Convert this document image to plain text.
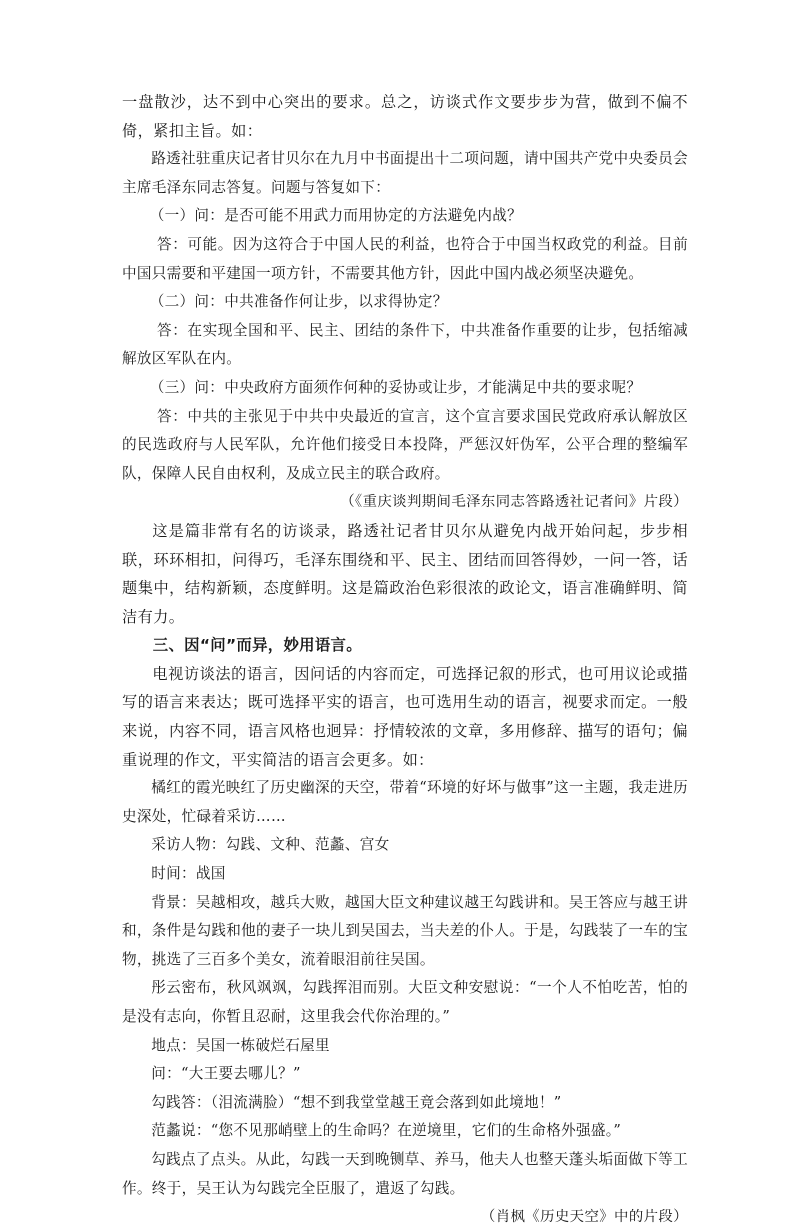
一盘散沙，达不到中心突出的要求。总之，访谈式作文要步步为营，做到不偏不倚，紧扣主旨。如：

路透社驻重庆记者甘贝尔在九月中书面提出十二项问题，请中国共产党中央委员会主席毛泽东同志答复。问题与答复如下：

（一）问：是否可能不用武力而用协定的方法避免内战？

答：可能。因为这符合于中国人民的利益，也符合于中国当权政党的利益。目前中国只需要和平建国一项方针，不需要其他方针，因此中国内战必须坚决避免。

（二）问：中共准备作何让步，以求得协定？

答：在实现全国和平、民主、团结的条件下，中共准备作重要的让步，包括缩减解放区军队在内。

（三）问：中央政府方面须作何种的妥协或让步，才能满足中共的要求呢？

答：中共的主张见于中共中央最近的宣言，这个宣言要求国民党政府承认解放区的民选政府与人民军队，允许他们接受日本投降，严惩汉奸伪军，公平合理的整编军队，保障人民自由权利，及成立民主的联合政府。

（《重庆谈判期间毛泽东同志答路透社记者问》片段）

这是篇非常有名的访谈录，路透社记者甘贝尔从避免内战开始问起，步步相联，环环相扣，问得巧，毛泽东围绕和平、民主、团结而回答得妙，一问一答，话题集中，结构新颖，态度鲜明。这是篇政治色彩很浓的政论文，语言准确鲜明、简洁有力。

三、因“问”而异，妙用语言。

电视访谈法的语言，因问话的内容而定，可选择记叙的形式，也可用议论或描写的语言来表达；既可选择平实的语言，也可选用生动的语言，视要求而定。一般来说，内容不同，语言风格也迥异：抒情较浓的文章，多用修辞、描写的语句；偏重说理的作文，平实简洁的语言会更多。如：

橘红的霞光映红了历史幽深的天空，带着“环境的好坏与做事”这一主题，我走进历史深处，忙碌着采访……

采访人物：勾践、文种、范蠡、宫女

时间：战国

背景：吴越相攻，越兵大败，越国大臣文种建议越王勾践讲和。吴王答应与越王讲和，条件是勾践和他的妻子一块儿到吴国去，当夫差的仆人。于是，勾践装了一车的宝物，挑选了三百多个美女，流着眼泪前往吴国。

彤云密布，秋风飒飒，勾践挥泪而别。大臣文种安慰说：“一个人不怕吃苦，怕的是没有志向，你暂且忍耐，这里我会代你治理的。”

地点：吴国一栋破烂石屋里

问：“大王要去哪儿？”

勾践答：（泪流满脸）“想不到我堂堂越王竟会落到如此境地！”

范蠡说：“您不见那峭壁上的生命吗？在逆境里，它们的生命格外强盛。”

勾践点了点头。从此，勾践一天到晚铡草、养马，他夫人也整天蓬头垢面做下等工作。终于，吴王认为勾践完全臣服了，遣返了勾践。

（肖枫《历史天空》中的片段）
